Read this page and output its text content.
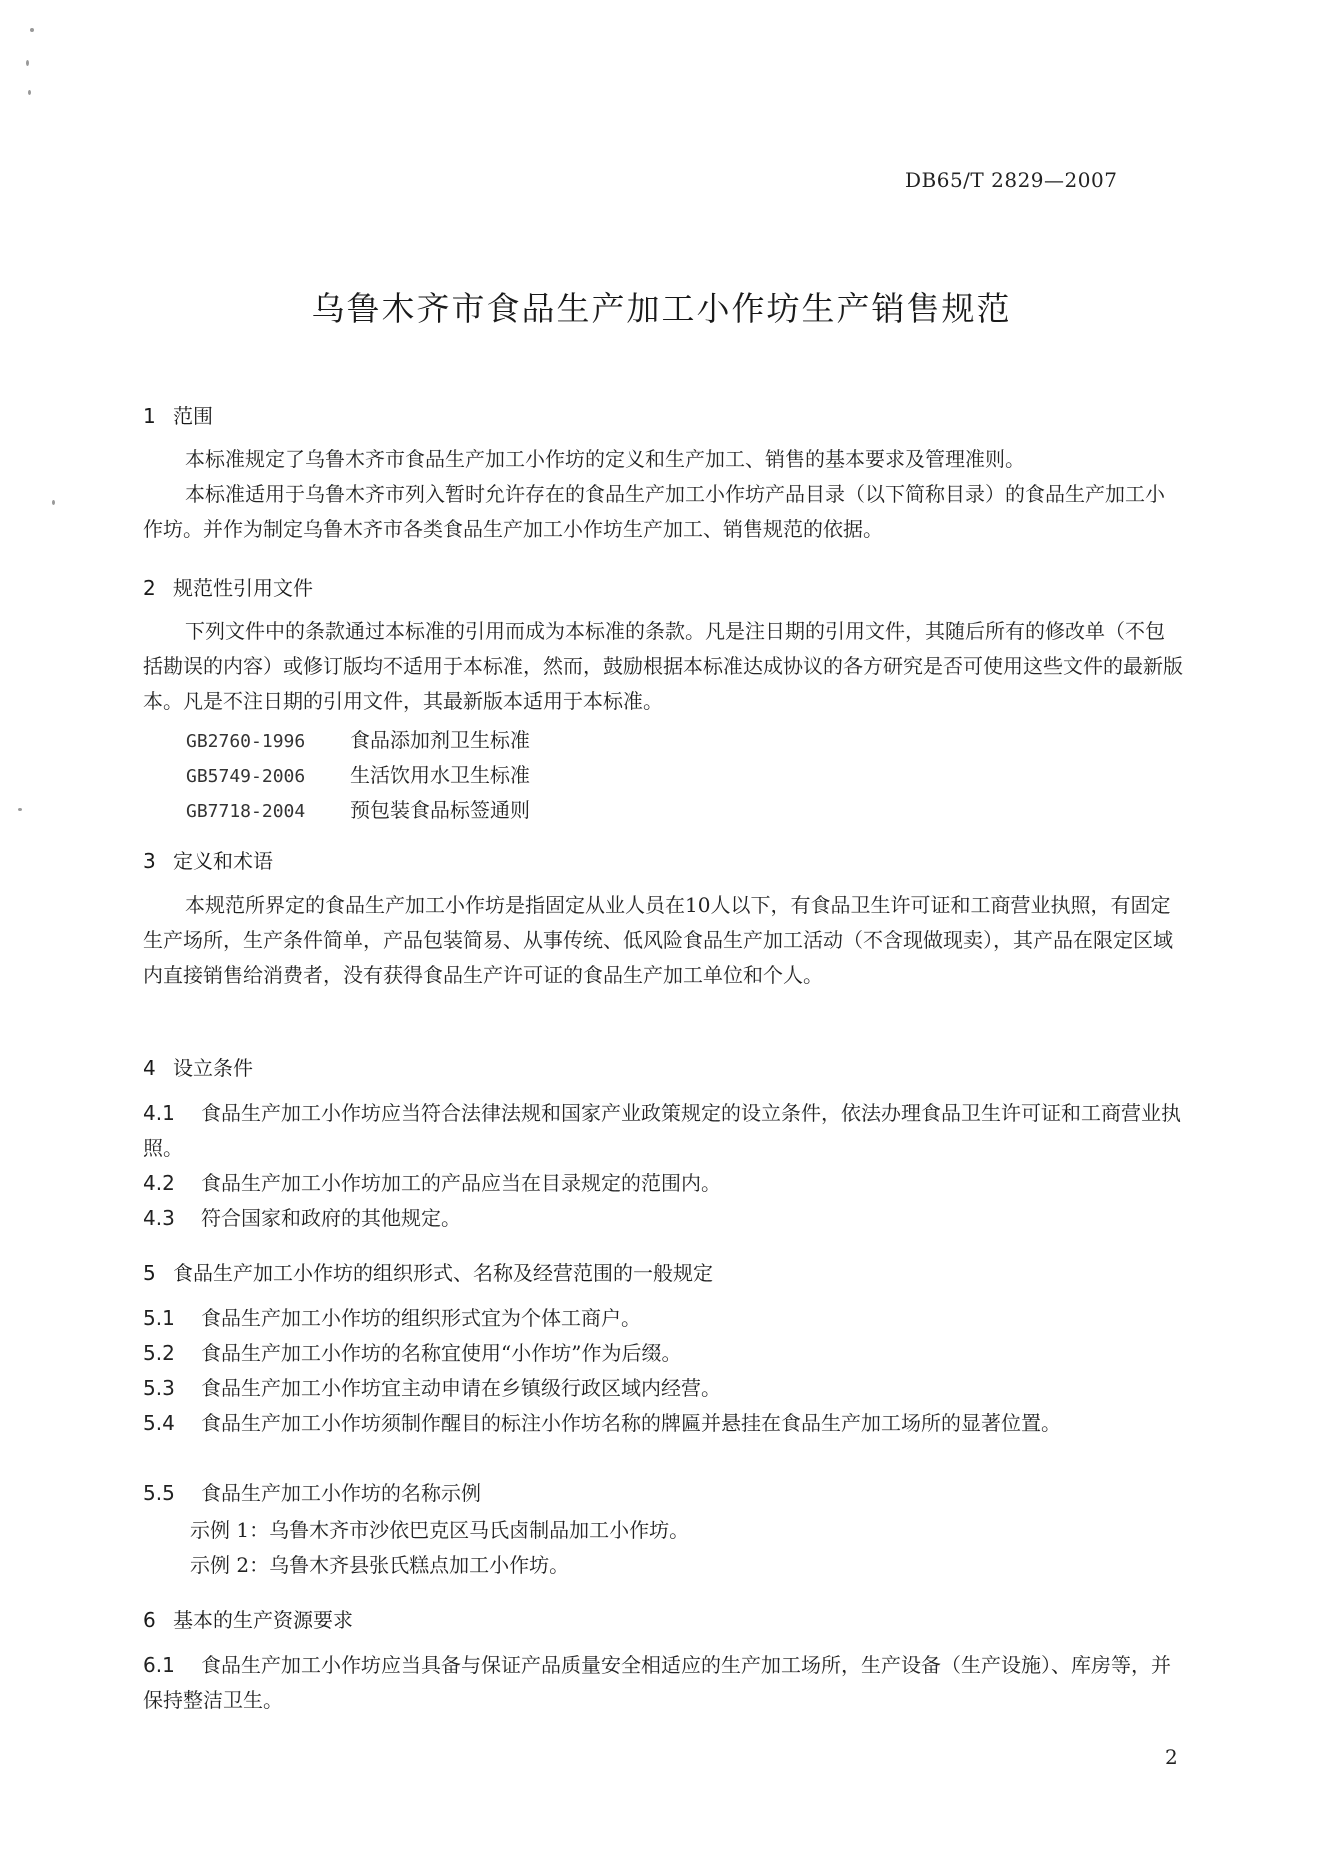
DB65/T 2829—2007
乌鲁木齐市食品生产加工小作坊生产销售规范
1 范围
本标准规定了乌鲁木齐市食品生产加工小作坊的定义和生产加工、销售的基本要求及管理准则。
本标准适用于乌鲁木齐市列入暂时允许存在的食品生产加工小作坊产品目录（以下简称目录）的食品生产加工小作坊。并作为制定乌鲁木齐市各类食品生产加工小作坊生产加工、销售规范的依据。
2 规范性引用文件
下列文件中的条款通过本标准的引用而成为本标准的条款。凡是注日期的引用文件，其随后所有的修改单（不包括勘误的内容）或修订版均不适用于本标准，然而，鼓励根据本标准达成协议的各方研究是否可使用这些文件的最新版本。凡是不注日期的引用文件，其最新版本适用于本标准。
GB2760-1996 食品添加剂卫生标准
GB5749-2006 生活饮用水卫生标准
GB7718-2004 预包装食品标签通则
3 定义和术语
本规范所界定的食品生产加工小作坊是指固定从业人员在10人以下，有食品卫生许可证和工商营业执照，有固定生产场所，生产条件简单，产品包装简易、从事传统、低风险食品生产加工活动（不含现做现卖），其产品在限定区域内直接销售给消费者，没有获得食品生产许可证的食品生产加工单位和个人。
4 设立条件
4.1 食品生产加工小作坊应当符合法律法规和国家产业政策规定的设立条件，依法办理食品卫生许可证和工商营业执照。
4.2 食品生产加工小作坊加工的产品应当在目录规定的范围内。
4.3 符合国家和政府的其他规定。
5 食品生产加工小作坊的组织形式、名称及经营范围的一般规定
5.1 食品生产加工小作坊的组织形式宜为个体工商户。
5.2 食品生产加工小作坊的名称宜使用“小作坊”作为后缀。
5.3 食品生产加工小作坊宜主动申请在乡镇级行政区域内经营。
5.4 食品生产加工小作坊须制作醒目的标注小作坊名称的牌匾并悬挂在食品生产加工场所的显著位置。
5.5 食品生产加工小作坊的名称示例
示例 1：乌鲁木齐市沙依巴克区马氏卤制品加工小作坊。
示例 2：乌鲁木齐县张氏糕点加工小作坊。
6 基本的生产资源要求
6.1 食品生产加工小作坊应当具备与保证产品质量安全相适应的生产加工场所，生产设备（生产设施）、库房等，并保持整洁卫生。
2
